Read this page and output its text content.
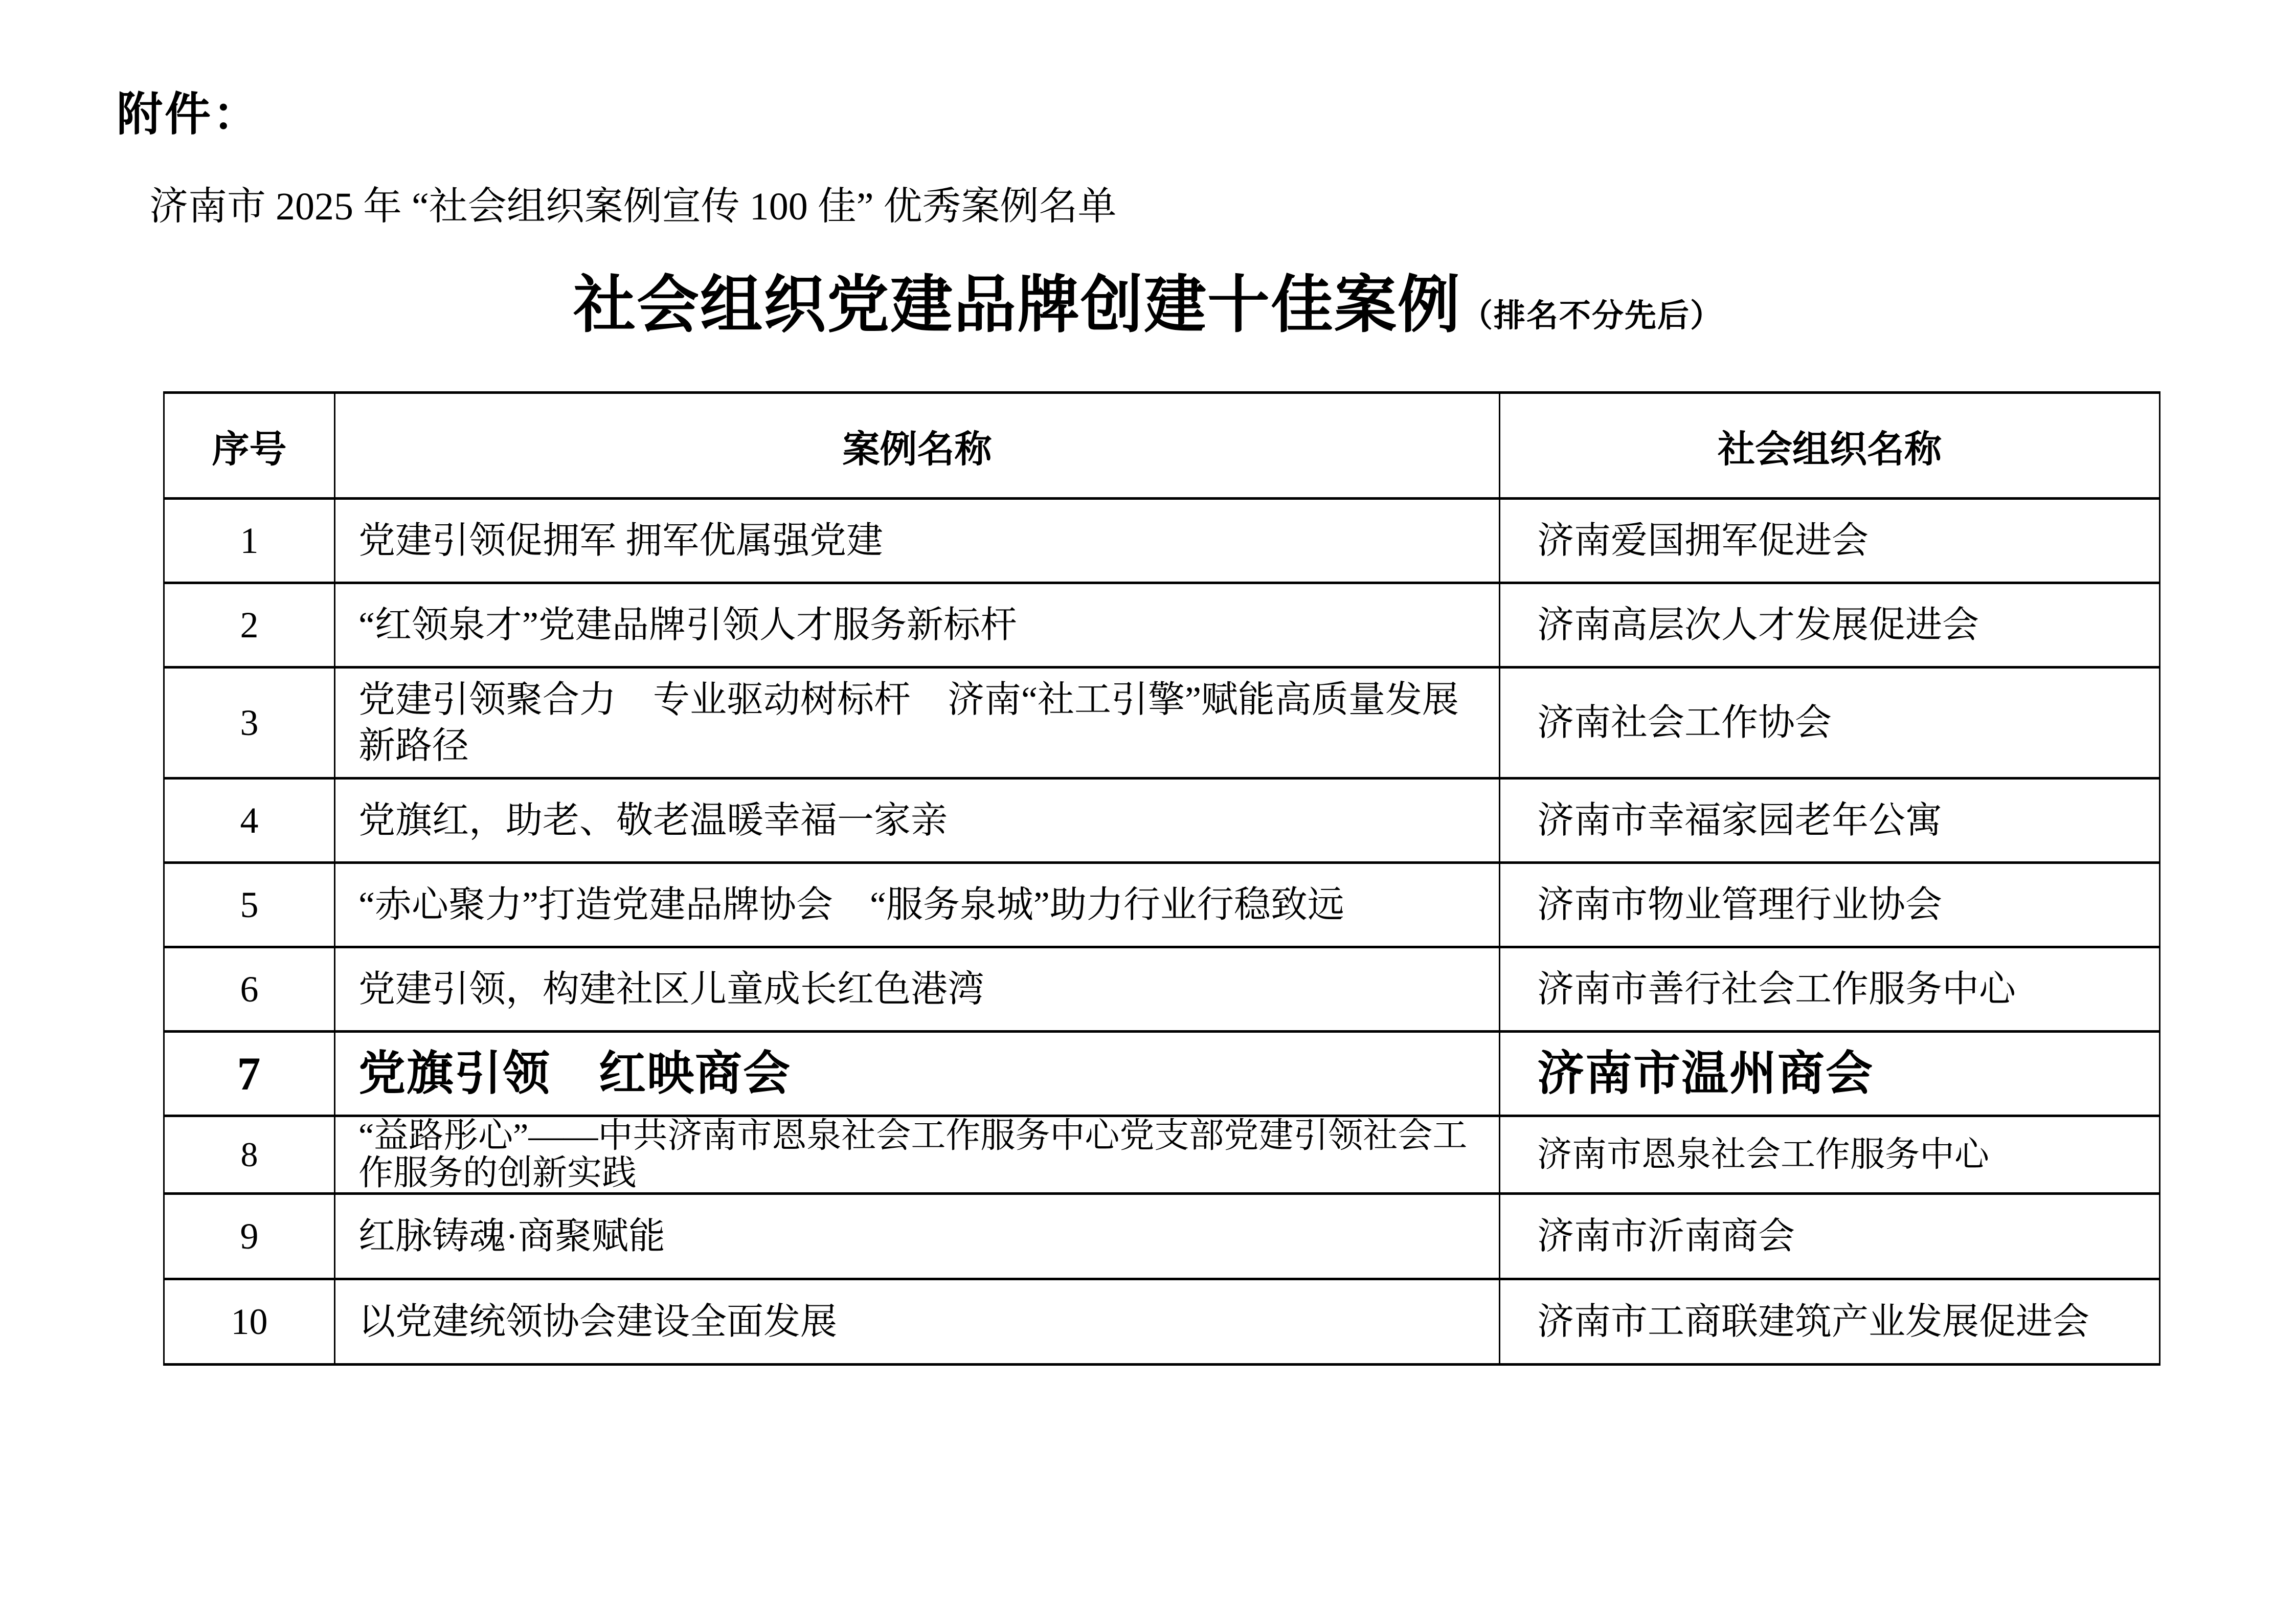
附件：
济南市 2025 年 “社会组织案例宣传 100 佳” 优秀案例名单
社会组织党建品牌创建十佳案例（排名不分先后）
序号	案例名称	社会组织名称
1	党建引领促拥军 拥军优属强党建	济南爱国拥军促进会
2	“红领泉才”党建品牌引领人才服务新标杆	济南高层次人才发展促进会
3	党建引领聚合力　专业驱动树标杆　济南“社工引擎”赋能高质量发展新路径	济南社会工作协会
4	党旗红，助老、敬老温暖幸福一家亲	济南市幸福家园老年公寓
5	“赤心聚力”打造党建品牌协会　“服务泉城”助力行业行稳致远	济南市物业管理行业协会
6	党建引领，构建社区儿童成长红色港湾	济南市善行社会工作服务中心
7	党旗引领　红映商会	济南市温州商会
8	“益路彤心”——中共济南市恩泉社会工作服务中心党支部党建引领社会工作服务的创新实践	济南市恩泉社会工作服务中心
9	红脉铸魂·商聚赋能	济南市沂南商会
10	以党建统领协会建设全面发展	济南市工商联建筑产业发展促进会
